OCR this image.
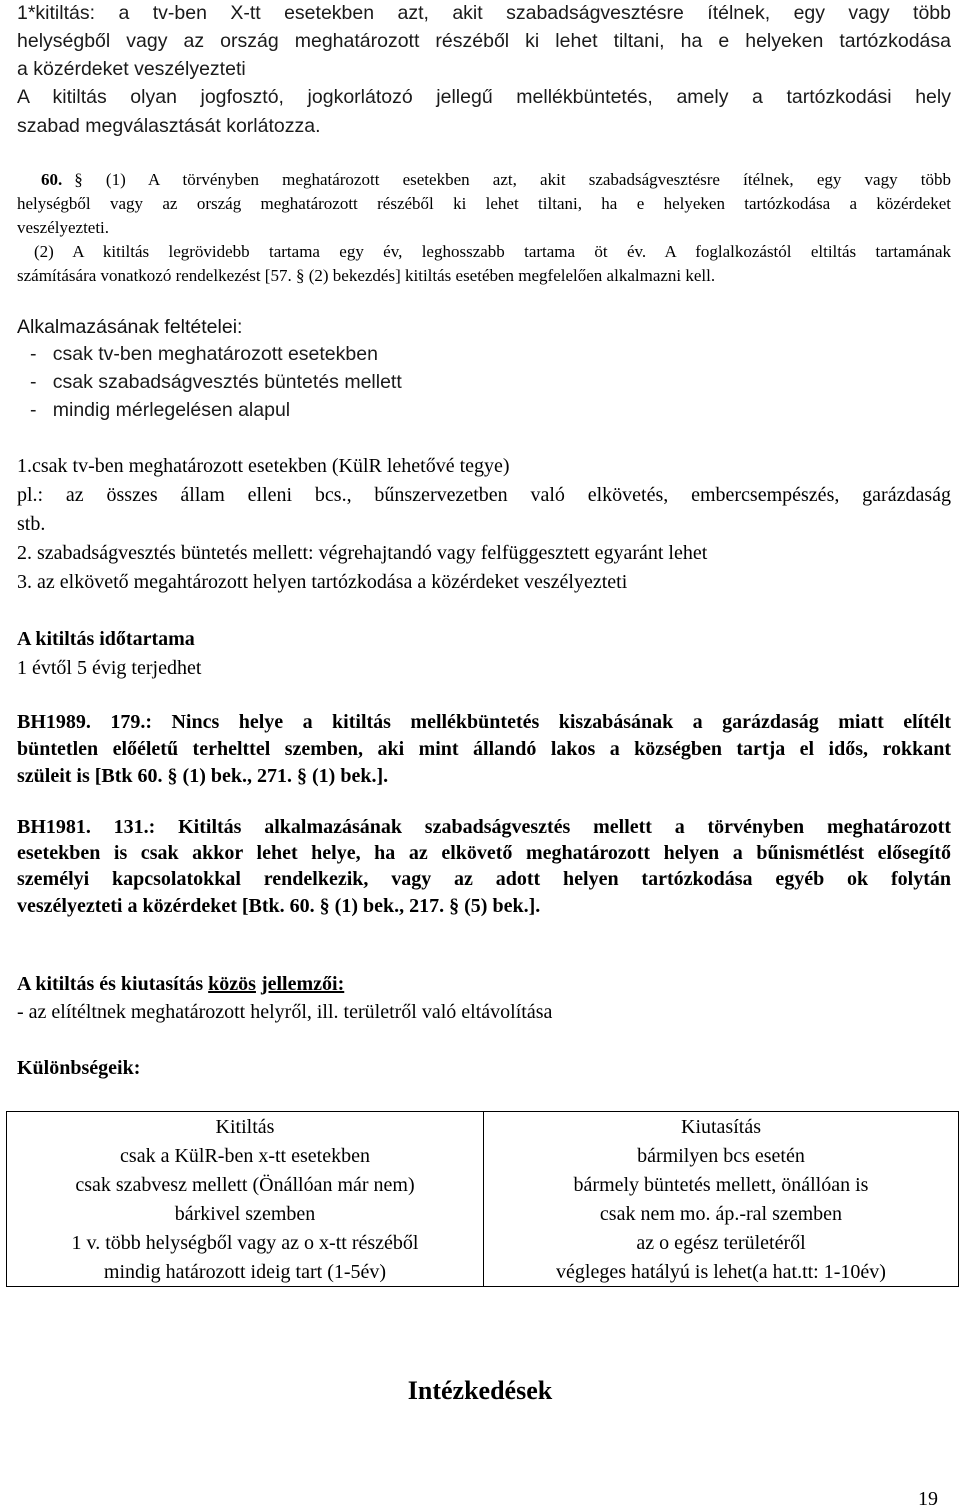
1*kitiltás: a tv-ben X-tt esetekben azt, akit szabadságvesztésre ítélnek, egy vagy több
helységből vagy az ország meghatározott részéből ki lehet tiltani, ha e helyeken tartózkodása
a közérdeket veszélyezteti
A kitiltás olyan jogfosztó, jogkorlátozó jellegű mellékbüntetés, amely a tartózkodási hely
szabad megválasztását korlátozza.
60. § (1) A törvényben meghatározott esetekben azt, akit szabadságvesztésre ítélnek, egy vagy több
helységből vagy az ország meghatározott részéből ki lehet tiltani, ha e helyeken tartózkodása a közérdeket
veszélyezteti.
(2) A kitiltás legrövidebb tartama egy év, leghosszabb tartama öt év. A foglalkozástól eltiltás tartamának
számítására vonatkozó rendelkezést [57. § (2) bekezdés] kitiltás esetében megfelelően alkalmazni kell.
Alkalmazásának feltételei:
-   csak tv-ben meghatározott esetekben
-   csak szabadságvesztés büntetés mellett
-   mindig mérlegelésen alapul
1.csak tv-ben meghatározott esetekben (KülR lehetővé tegye)
pl.: az összes állam elleni bcs., bűnszervezetben való elkövetés, embercsempészés, garázdaság
stb.
2. szabadságvesztés büntetés mellett: végrehajtandó vagy felfüggesztett egyaránt lehet
3. az elkövető megahtározott helyen tartózkodása a közérdeket veszélyezteti
A kitiltás időtartama
1 évtől 5 évig terjedhet
BH1989. 179.: Nincs helye a kitiltás mellékbüntetés kiszabásának a garázdaság miatt elítélt
büntetlen előéletű terhelttel szemben, aki mint állandó lakos a községben tartja el idős, rokkant
szüleit is [Btk 60. § (1) bek., 271. § (1) bek.].
BH1981. 131.: Kitiltás alkalmazásának szabadságvesztés mellett a törvényben meghatározott
esetekben is csak akkor lehet helye, ha az elkövető meghatározott helyen a bűnismétlést elősegítő
személyi kapcsolatokkal rendelkezik, vagy az adott helyen tartózkodása egyéb ok folytán
veszélyezteti a közérdeket [Btk. 60. § (1) bek., 217. § (5) bek.].
A kitiltás és kiutasítás közös jellemzői:
- az elítéltnek meghatározott helyről, ill. területről való eltávolítása
Különbségeik:
Kitiltás	Kiutasítás
csak a KülR-ben x-tt esetekben	bármilyen bcs esetén
csak szabvesz mellett (Önállóan már nem)	bármely büntetés mellett, önállóan is
bárkivel szemben	csak nem mo. áp.-ral szemben
1 v. több helységből vagy az o x-tt részéből	az o egész területéről
mindig határozott ideig tart (1-5év)	végleges hatályú is lehet(a hat.tt: 1-10év)
Intézkedések
19
